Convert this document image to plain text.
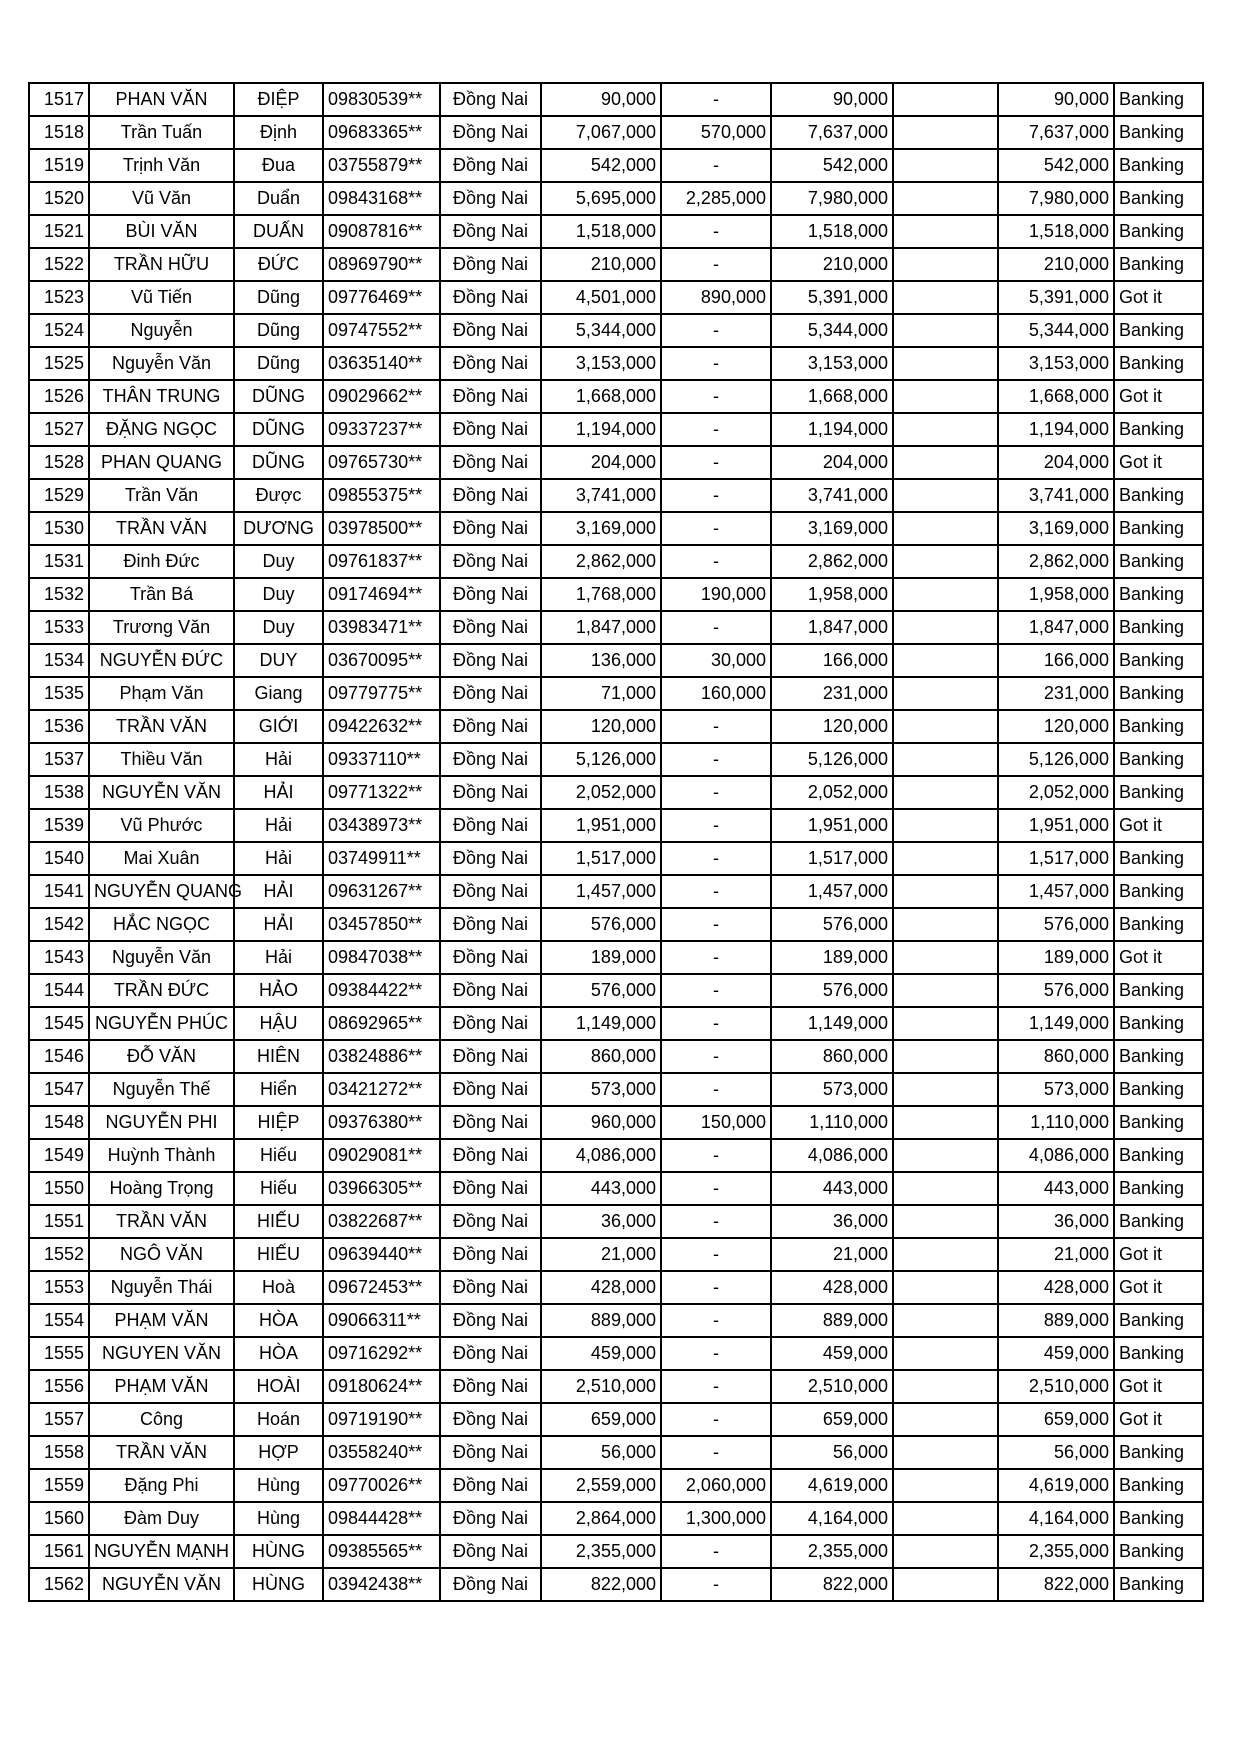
1517	PHAN VĂN	ĐIỆP	09830539**	Đồng Nai	90,000	-	90,000		90,000	Banking
1518	Trần Tuấn	Định	09683365**	Đồng Nai	7,067,000	570,000	7,637,000		7,637,000	Banking
1519	Trịnh Văn	Đua	03755879**	Đồng Nai	542,000	-	542,000		542,000	Banking
1520	Vũ Văn	Duẩn	09843168**	Đồng Nai	5,695,000	2,285,000	7,980,000		7,980,000	Banking
1521	BÙI VĂN	DUẤN	09087816**	Đồng Nai	1,518,000	-	1,518,000		1,518,000	Banking
1522	TRẦN HỮU	ĐỨC	08969790**	Đồng Nai	210,000	-	210,000		210,000	Banking
1523	Vũ Tiến	Dũng	09776469**	Đồng Nai	4,501,000	890,000	5,391,000		5,391,000	Got it
1524	Nguyễn	Dũng	09747552**	Đồng Nai	5,344,000	-	5,344,000		5,344,000	Banking
1525	Nguyễn Văn	Dũng	03635140**	Đồng Nai	3,153,000	-	3,153,000		3,153,000	Banking
1526	THÂN TRUNG	DŨNG	09029662**	Đồng Nai	1,668,000	-	1,668,000		1,668,000	Got it
1527	ĐẶNG NGỌC	DŨNG	09337237**	Đồng Nai	1,194,000	-	1,194,000		1,194,000	Banking
1528	PHAN QUANG	DŨNG	09765730**	Đồng Nai	204,000	-	204,000		204,000	Got it
1529	Trần Văn	Được	09855375**	Đồng Nai	3,741,000	-	3,741,000		3,741,000	Banking
1530	TRẦN VĂN	DƯƠNG	03978500**	Đồng Nai	3,169,000	-	3,169,000		3,169,000	Banking
1531	Đinh Đức	Duy	09761837**	Đồng Nai	2,862,000	-	2,862,000		2,862,000	Banking
1532	Trần Bá	Duy	09174694**	Đồng Nai	1,768,000	190,000	1,958,000		1,958,000	Banking
1533	Trương Văn	Duy	03983471**	Đồng Nai	1,847,000	-	1,847,000		1,847,000	Banking
1534	NGUYỄN ĐỨC	DUY	03670095**	Đồng Nai	136,000	30,000	166,000		166,000	Banking
1535	Phạm Văn	Giang	09779775**	Đồng Nai	71,000	160,000	231,000		231,000	Banking
1536	TRẦN VĂN	GIỚI	09422632**	Đồng Nai	120,000	-	120,000		120,000	Banking
1537	Thiều Văn	Hải	09337110**	Đồng Nai	5,126,000	-	5,126,000		5,126,000	Banking
1538	NGUYỄN VĂN	HẢI	09771322**	Đồng Nai	2,052,000	-	2,052,000		2,052,000	Banking
1539	Vũ Phước	Hải	03438973**	Đồng Nai	1,951,000	-	1,951,000		1,951,000	Got it
1540	Mai Xuân	Hải	03749911**	Đồng Nai	1,517,000	-	1,517,000		1,517,000	Banking
1541	NGUYỄN QUANG	HẢI	09631267**	Đồng Nai	1,457,000	-	1,457,000		1,457,000	Banking
1542	HẮC NGỌC	HẢI	03457850**	Đồng Nai	576,000	-	576,000		576,000	Banking
1543	Nguyễn Văn	Hải	09847038**	Đồng Nai	189,000	-	189,000		189,000	Got it
1544	TRẦN ĐỨC	HẢO	09384422**	Đồng Nai	576,000	-	576,000		576,000	Banking
1545	NGUYỄN PHÚC	HẬU	08692965**	Đồng Nai	1,149,000	-	1,149,000		1,149,000	Banking
1546	ĐỖ VĂN	HIÊN	03824886**	Đồng Nai	860,000	-	860,000		860,000	Banking
1547	Nguyễn Thế	Hiển	03421272**	Đồng Nai	573,000	-	573,000		573,000	Banking
1548	NGUYỄN PHI	HIỆP	09376380**	Đồng Nai	960,000	150,000	1,110,000		1,110,000	Banking
1549	Huỳnh Thành	Hiếu	09029081**	Đồng Nai	4,086,000	-	4,086,000		4,086,000	Banking
1550	Hoàng Trọng	Hiếu	03966305**	Đồng Nai	443,000	-	443,000		443,000	Banking
1551	TRẦN VĂN	HIẾU	03822687**	Đồng Nai	36,000	-	36,000		36,000	Banking
1552	NGÔ VĂN	HIẾU	09639440**	Đồng Nai	21,000	-	21,000		21,000	Got it
1553	Nguyễn Thái	Hoà	09672453**	Đồng Nai	428,000	-	428,000		428,000	Got it
1554	PHẠM VĂN	HÒA	09066311**	Đồng Nai	889,000	-	889,000		889,000	Banking
1555	NGUYEN VĂN	HÒA	09716292**	Đồng Nai	459,000	-	459,000		459,000	Banking
1556	PHẠM VĂN	HOÀI	09180624**	Đồng Nai	2,510,000	-	2,510,000		2,510,000	Got it
1557	Công	Hoán	09719190**	Đồng Nai	659,000	-	659,000		659,000	Got it
1558	TRẦN VĂN	HỢP	03558240**	Đồng Nai	56,000	-	56,000		56,000	Banking
1559	Đặng Phi	Hùng	09770026**	Đồng Nai	2,559,000	2,060,000	4,619,000		4,619,000	Banking
1560	Đàm Duy	Hùng	09844428**	Đồng Nai	2,864,000	1,300,000	4,164,000		4,164,000	Banking
1561	NGUYỄN MẠNH	HÙNG	09385565**	Đồng Nai	2,355,000	-	2,355,000		2,355,000	Banking
1562	NGUYỄN VĂN	HÙNG	03942438**	Đồng Nai	822,000	-	822,000		822,000	Banking
